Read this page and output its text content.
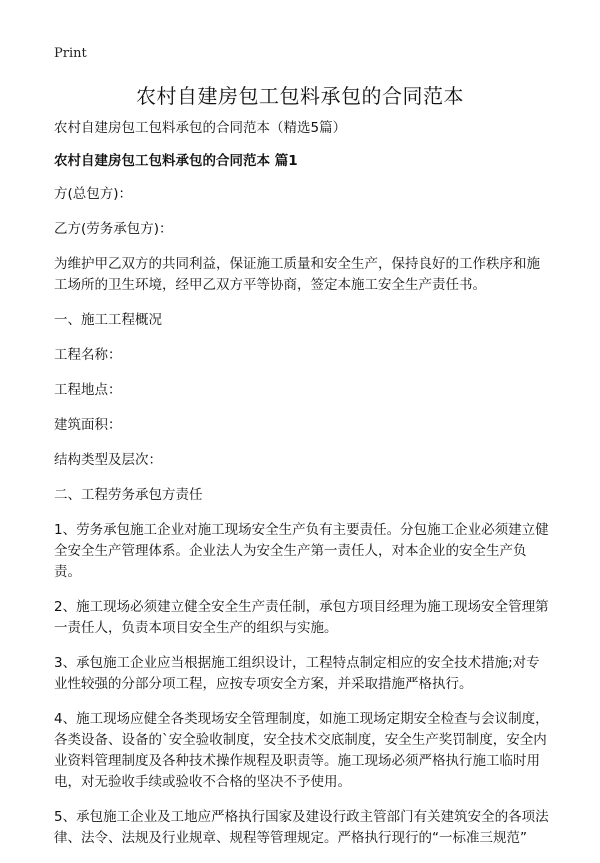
Print
农村自建房包工包料承包的合同范本

农村自建房包工包料承包的合同范本（精选5篇）

农村自建房包工包料承包的合同范本 篇1

方(总包方)：

乙方(劳务承包方)：

为维护甲乙双方的共同利益，保证施工质量和安全生产，保持良好的工作秩序和施工场所的卫生环境，经甲乙双方平等协商，签定本施工安全生产责任书。

一、施工工程概况

工程名称：

工程地点：

建筑面积：

结构类型及层次：

二、工程劳务承包方责任

1、劳务承包施工企业对施工现场安全生产负有主要责任。分包施工企业必须建立健全安全生产管理体系。企业法人为安全生产第一责任人，对本企业的安全生产负责。

2、施工现场必须建立健全安全生产责任制，承包方项目经理为施工现场安全管理第一责任人，负责本项目安全生产的组织与实施。

3、承包施工企业应当根据施工组织设计，工程特点制定相应的安全技术措施;对专业性较强的分部分项工程，应按专项安全方案，并采取措施严格执行。

4、施工现场应健全各类现场安全管理制度，如施工现场定期安全检查与会议制度，各类设备、设备的`安全验收制度，安全技术交底制度，安全生产奖罚制度，安全内业资料管理制度及各种技术操作规程及职责等。施工现场必须严格执行施工临时用电，对无验收手续或验收不合格的坚决不予使用。

5、承包施工企业及工地应严格执行国家及建设行政主管部门有关建筑安全的各项法律、法令、法规及行业规章、规程等管理规定。严格执行现行的“一标准三规范”
